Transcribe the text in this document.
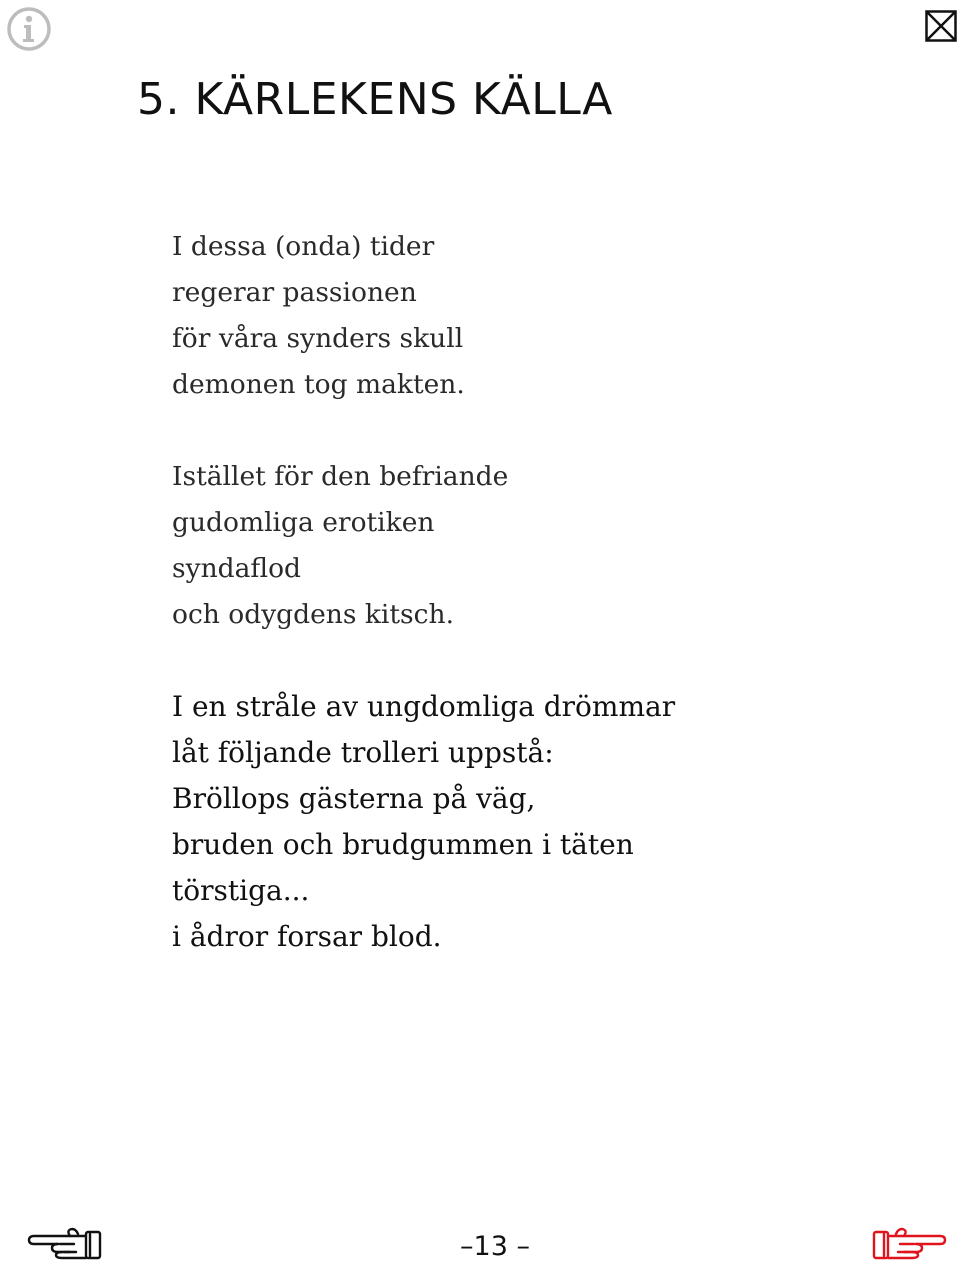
5. KÄRLEKENS KÄLLA
I dessa (onda) tider
regerar passionen
för våra synders skull
demonen tog makten.
Istället för den befriande
gudomliga erotiken
syndaflod
och odygdens kitsch.
I en stråle av ungdomliga drömmar
låt följande trolleri uppstå:
Bröllops gästerna på väg,
bruden och brudgummen i täten
törstiga...
i ådror forsar blod.
–13 –
